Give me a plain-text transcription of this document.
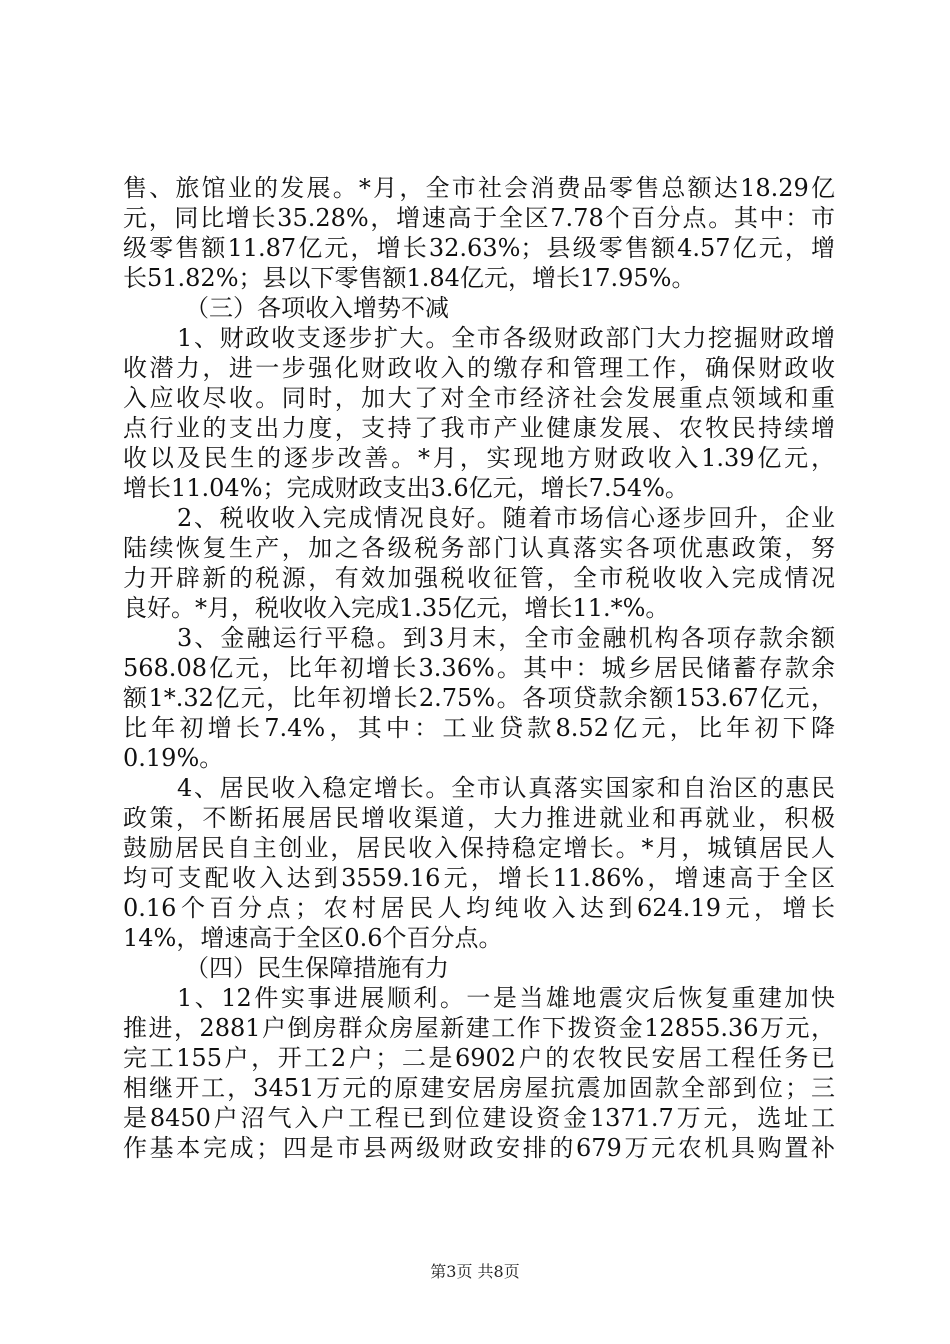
售、旅馆业的发展。*月，全市社会消费品零售总额达18.29亿
元，同比增长35.28%，增速高于全区7.78个百分点。其中：市
级零售额11.87亿元，增长32.63%；县级零售额4.57亿元，增
长51.82%；县以下零售额1.84亿元，增长17.95%。
（三）各项收入增势不减
1、财政收支逐步扩大。全市各级财政部门大力挖掘财政增
收潜力，进一步强化财政收入的缴存和管理工作，确保财政收
入应收尽收。同时，加大了对全市经济社会发展重点领域和重
点行业的支出力度，支持了我市产业健康发展、农牧民持续增
收以及民生的逐步改善。*月，实现地方财政收入1.39亿元，
增长11.04%；完成财政支出3.6亿元，增长7.54%。
2、税收收入完成情况良好。随着市场信心逐步回升，企业
陆续恢复生产，加之各级税务部门认真落实各项优惠政策，努
力开辟新的税源，有效加强税收征管，全市税收收入完成情况
良好。*月，税收收入完成1.35亿元，增长11.*%。
3、金融运行平稳。到3月末，全市金融机构各项存款余额
568.08亿元，比年初增长3.36%。其中：城乡居民储蓄存款余
额1*.32亿元，比年初增长2.75%。各项贷款余额153.67亿元，
比年初增长7.4%，其中：工业贷款8.52亿元，比年初下降
0.19%。
4、居民收入稳定增长。全市认真落实国家和自治区的惠民
政策，不断拓展居民增收渠道，大力推进就业和再就业，积极
鼓励居民自主创业，居民收入保持稳定增长。*月，城镇居民人
均可支配收入达到3559.16元，增长11.86%，增速高于全区
0.16个百分点；农村居民人均纯收入达到624.19元，增长
14%，增速高于全区0.6个百分点。
（四）民生保障措施有力
1、12件实事进展顺利。一是当雄地震灾后恢复重建加快
推进，2881户倒房群众房屋新建工作下拨资金12855.36万元，
完工155户，开工2户；二是6902户的农牧民安居工程任务已
相继开工，3451万元的原建安居房屋抗震加固款全部到位；三
是8450户沼气入户工程已到位建设资金1371.7万元，选址工
作基本完成；四是市县两级财政安排的679万元农机具购置补
第3页 共8页
